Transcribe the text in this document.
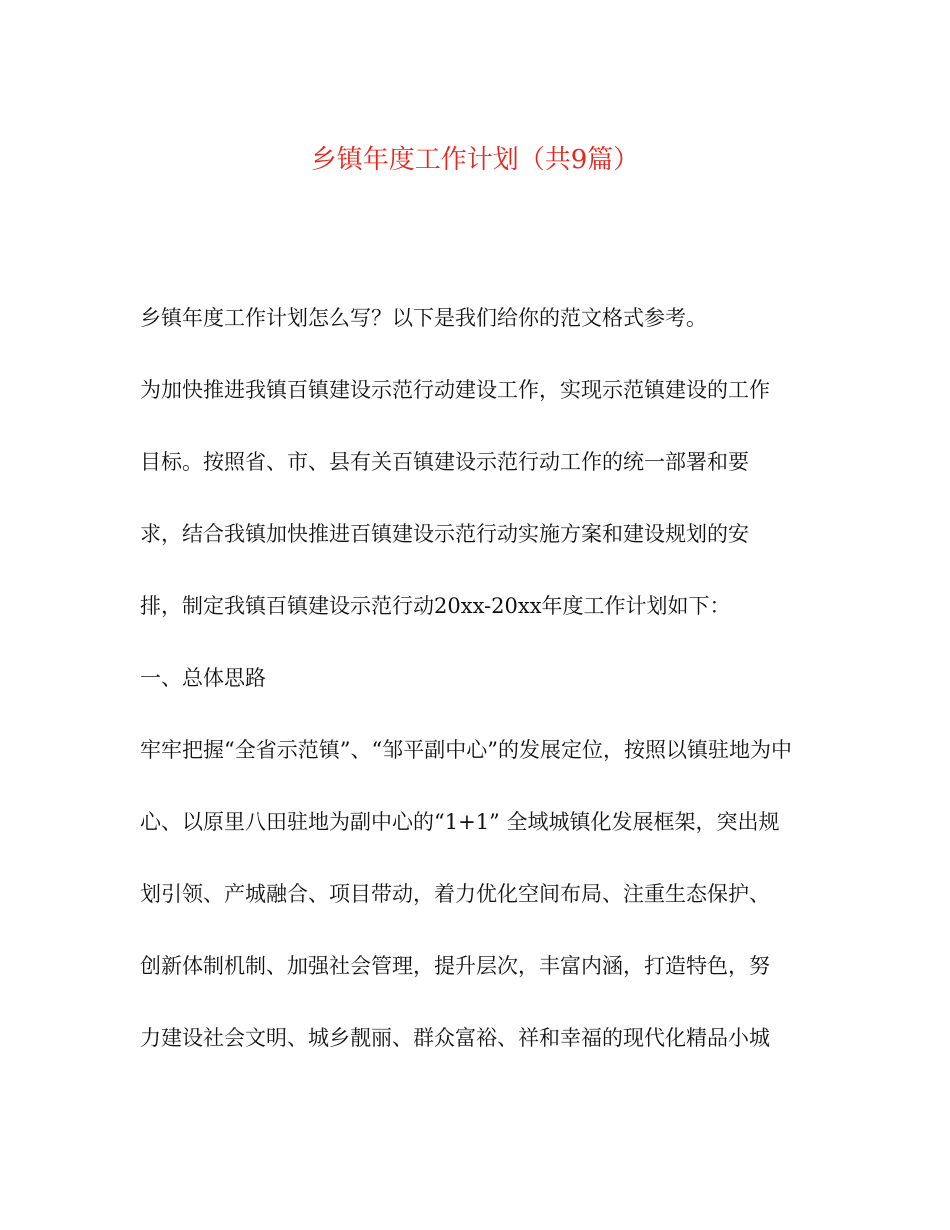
乡镇年度工作计划（共9篇）
乡镇年度工作计划怎么写？以下是我们给你的范文格式参考。
为加快推进我镇百镇建设示范行动建设工作，实现示范镇建设的工作
目标。按照省、市、县有关百镇建设示范行动工作的统一部署和要
求，结合我镇加快推进百镇建设示范行动实施方案和建设规划的安
排，制定我镇百镇建设示范行动20xx-20xx年度工作计划如下：
一、总体思路
牢牢把握“全省示范镇”、“邹平副中心”的发展定位，按照以镇驻地为中
心、以原里八田驻地为副中心的“1+1” 全域城镇化发展框架，突出规
划引领、产城融合、项目带动，着力优化空间布局、注重生态保护、
创新体制机制、加强社会管理，提升层次，丰富内涵，打造特色，努
力建设社会文明、城乡靓丽、群众富裕、祥和幸福的现代化精品小城
